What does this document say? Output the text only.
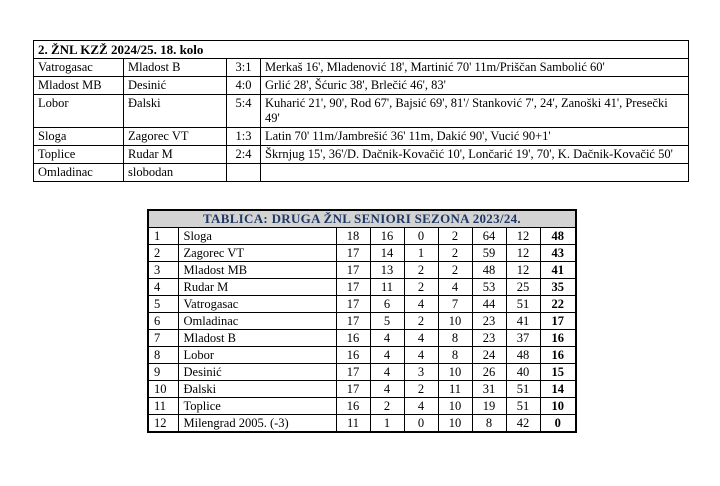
2. ŽNL KZŽ 2024/25. 18. kolo			
Vatrogasac	Mladost B	3:1	Merkaš 16', Mladenović 18', Martinić 70' 11m/Priščan Sambolić 60'
Mladost MB	Desinić	4:0	Grlić 28', Šćuric 38', Brlečić 46', 83'
Lobor	Đalski	5:4	Kuharić 21', 90', Rod 67', Bajsić 69', 81'/ Stanković 7', 24', Zanoški 41', Presečki 49'
Sloga	Zagorec VT	1:3	Latin 70' 11m/Jambrešić 36' 11m, Dakić 90', Vucić 90+1'
Toplice	Rudar M	2:4	Škrnjug 15', 36'/D. Dačnik-Kovačić 10', Lončarić 19', 70', K. Dačnik-Kovačić 50'
Omladinac	slobodan		
TABLICA: DRUGA ŽNL SENIORI SEZONA 2023/24.								
1	Sloga	18	16	0	2	64	12	48
2	Zagorec VT	17	14	1	2	59	12	43
3	Mladost MB	17	13	2	2	48	12	41
4	Rudar M	17	11	2	4	53	25	35
5	Vatrogasac	17	6	4	7	44	51	22
6	Omladinac	17	5	2	10	23	41	17
7	Mladost B	16	4	4	8	23	37	16
8	Lobor	16	4	4	8	24	48	16
9	Desinić	17	4	3	10	26	40	15
10	Đalski	17	4	2	11	31	51	14
11	Toplice	16	2	4	10	19	51	10
12	Milengrad 2005. (-3)	11	1	0	10	8	42	0
